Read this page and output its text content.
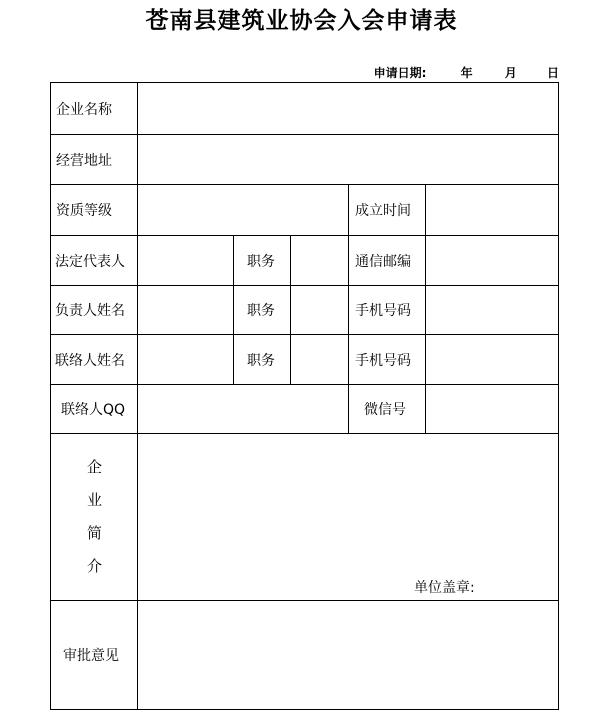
苍南县建筑业协会入会申请表
申请日期:	年	月	日
企业名称
经营地址
资质等级	成立时间
法定代表人	职务	通信邮编
负责人姓名	职务	手机号码
联络人姓名	职务	手机号码
联络人QQ	微信号
企
业
简
介
单位盖章:
审批意见
